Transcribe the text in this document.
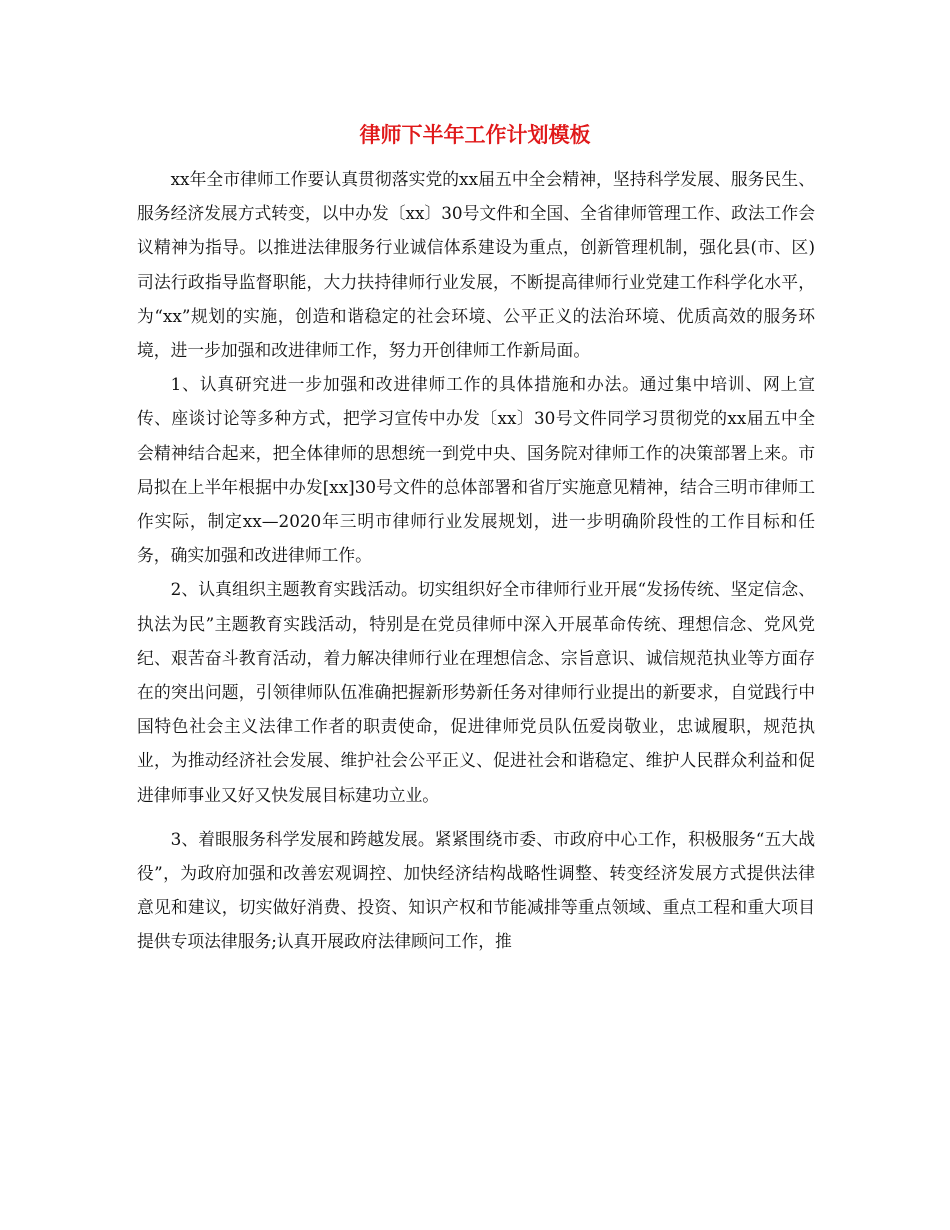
律师下半年工作计划模板

xx年全市律师工作要认真贯彻落实党的xx届五中全会精神，坚持科学发展、服务民生、服务经济发展方式转变，以中办发〔xx〕30号文件和全国、全省律师管理工作、政法工作会议精神为指导。以推进法律服务行业诚信体系建设为重点，创新管理机制，强化县(市、区)司法行政指导监督职能，大力扶持律师行业发展，不断提高律师行业党建工作科学化水平，为“xx”规划的实施，创造和谐稳定的社会环境、公平正义的法治环境、优质高效的服务环境，进一步加强和改进律师工作，努力开创律师工作新局面。

1、认真研究进一步加强和改进律师工作的具体措施和办法。通过集中培训、网上宣传、座谈讨论等多种方式，把学习宣传中办发〔xx〕30号文件同学习贯彻党的xx届五中全会精神结合起来，把全体律师的思想统一到党中央、国务院对律师工作的决策部署上来。市局拟在上半年根据中办发[xx]30号文件的总体部署和省厅实施意见精神，结合三明市律师工作实际，制定xx—2020年三明市律师行业发展规划，进一步明确阶段性的工作目标和任务，确实加强和改进律师工作。

2、认真组织主题教育实践活动。切实组织好全市律师行业开展“发扬传统、坚定信念、执法为民”主题教育实践活动，特别是在党员律师中深入开展革命传统、理想信念、党风党纪、艰苦奋斗教育活动，着力解决律师行业在理想信念、宗旨意识、诚信规范执业等方面存在的突出问题，引领律师队伍准确把握新形势新任务对律师行业提出的新要求，自觉践行中国特色社会主义法律工作者的职责使命，促进律师党员队伍爱岗敬业，忠诚履职，规范执业，为推动经济社会发展、维护社会公平正义、促进社会和谐稳定、维护人民群众利益和促进律师事业又好又快发展目标建功立业。

3、着眼服务科学发展和跨越发展。紧紧围绕市委、市政府中心工作，积极服务“五大战役”，为政府加强和改善宏观调控、加快经济结构战略性调整、转变经济发展方式提供法律意见和建议，切实做好消费、投资、知识产权和节能减排等重点领域、重点工程和重大项目提供专项法律服务;认真开展政府法律顾问工作，推
